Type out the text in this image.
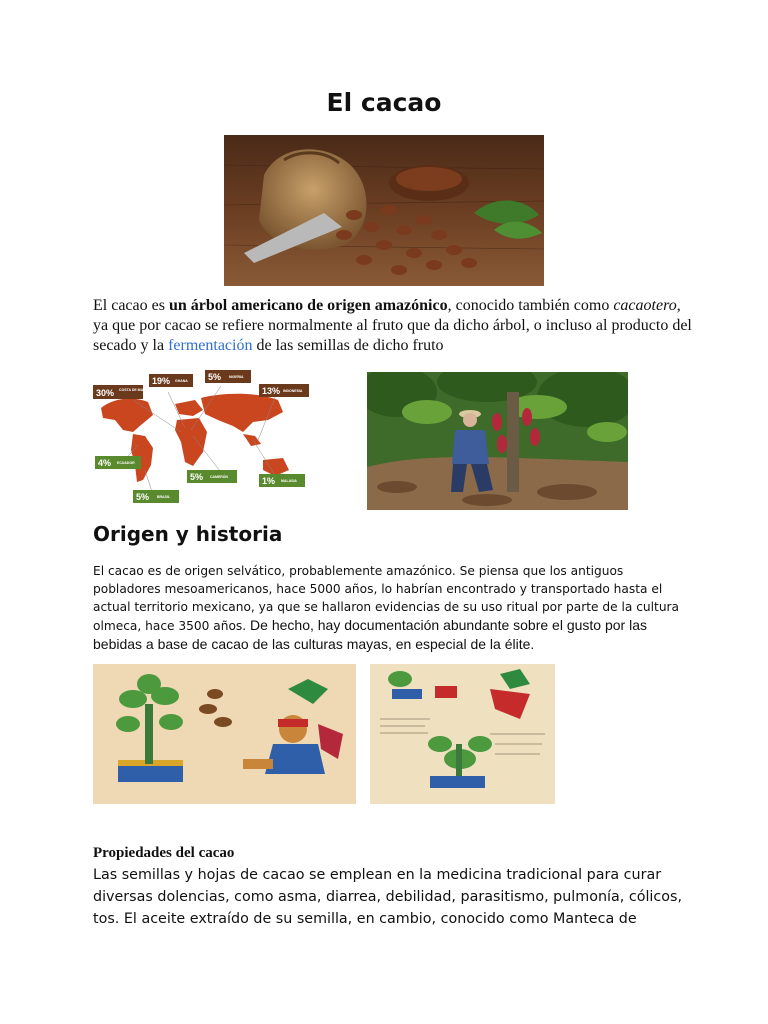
El cacao
El cacao es un árbol americano de origen amazónico, conocido también como cacaotero, ya que por cacao se refiere normalmente al fruto que da dicho árbol, o incluso al producto del secado y la fermentación de las semillas de dicho fruto
30% COSTA DE MARFIL
19% GHANA 5% NIGERIA
13% INDONESIA
4% ECUADOR
5% CAMERÚN	1% MALASIA
5% BRASIL
Origen y historia
El cacao es de origen selvático, probablemente amazónico. Se piensa que los antiguos pobladores mesoamericanos, hace 5000 años, lo habrían encontrado y transportado hasta el actual territorio mexicano, ya que se hallaron evidencias de su uso ritual por parte de la cultura olmeca, hace 3500 años. De hecho, hay documentación abundante sobre el gusto por las bebidas a base de cacao de las culturas mayas, en especial de la élite.
Propiedades del cacao
Las semillas y hojas de cacao se emplean en la medicina tradicional para curar diversas dolencias, como asma, diarrea, debilidad, parasitismo, pulmonía, cólicos, tos. El aceite extraído de su semilla, en cambio, conocido como Manteca de
